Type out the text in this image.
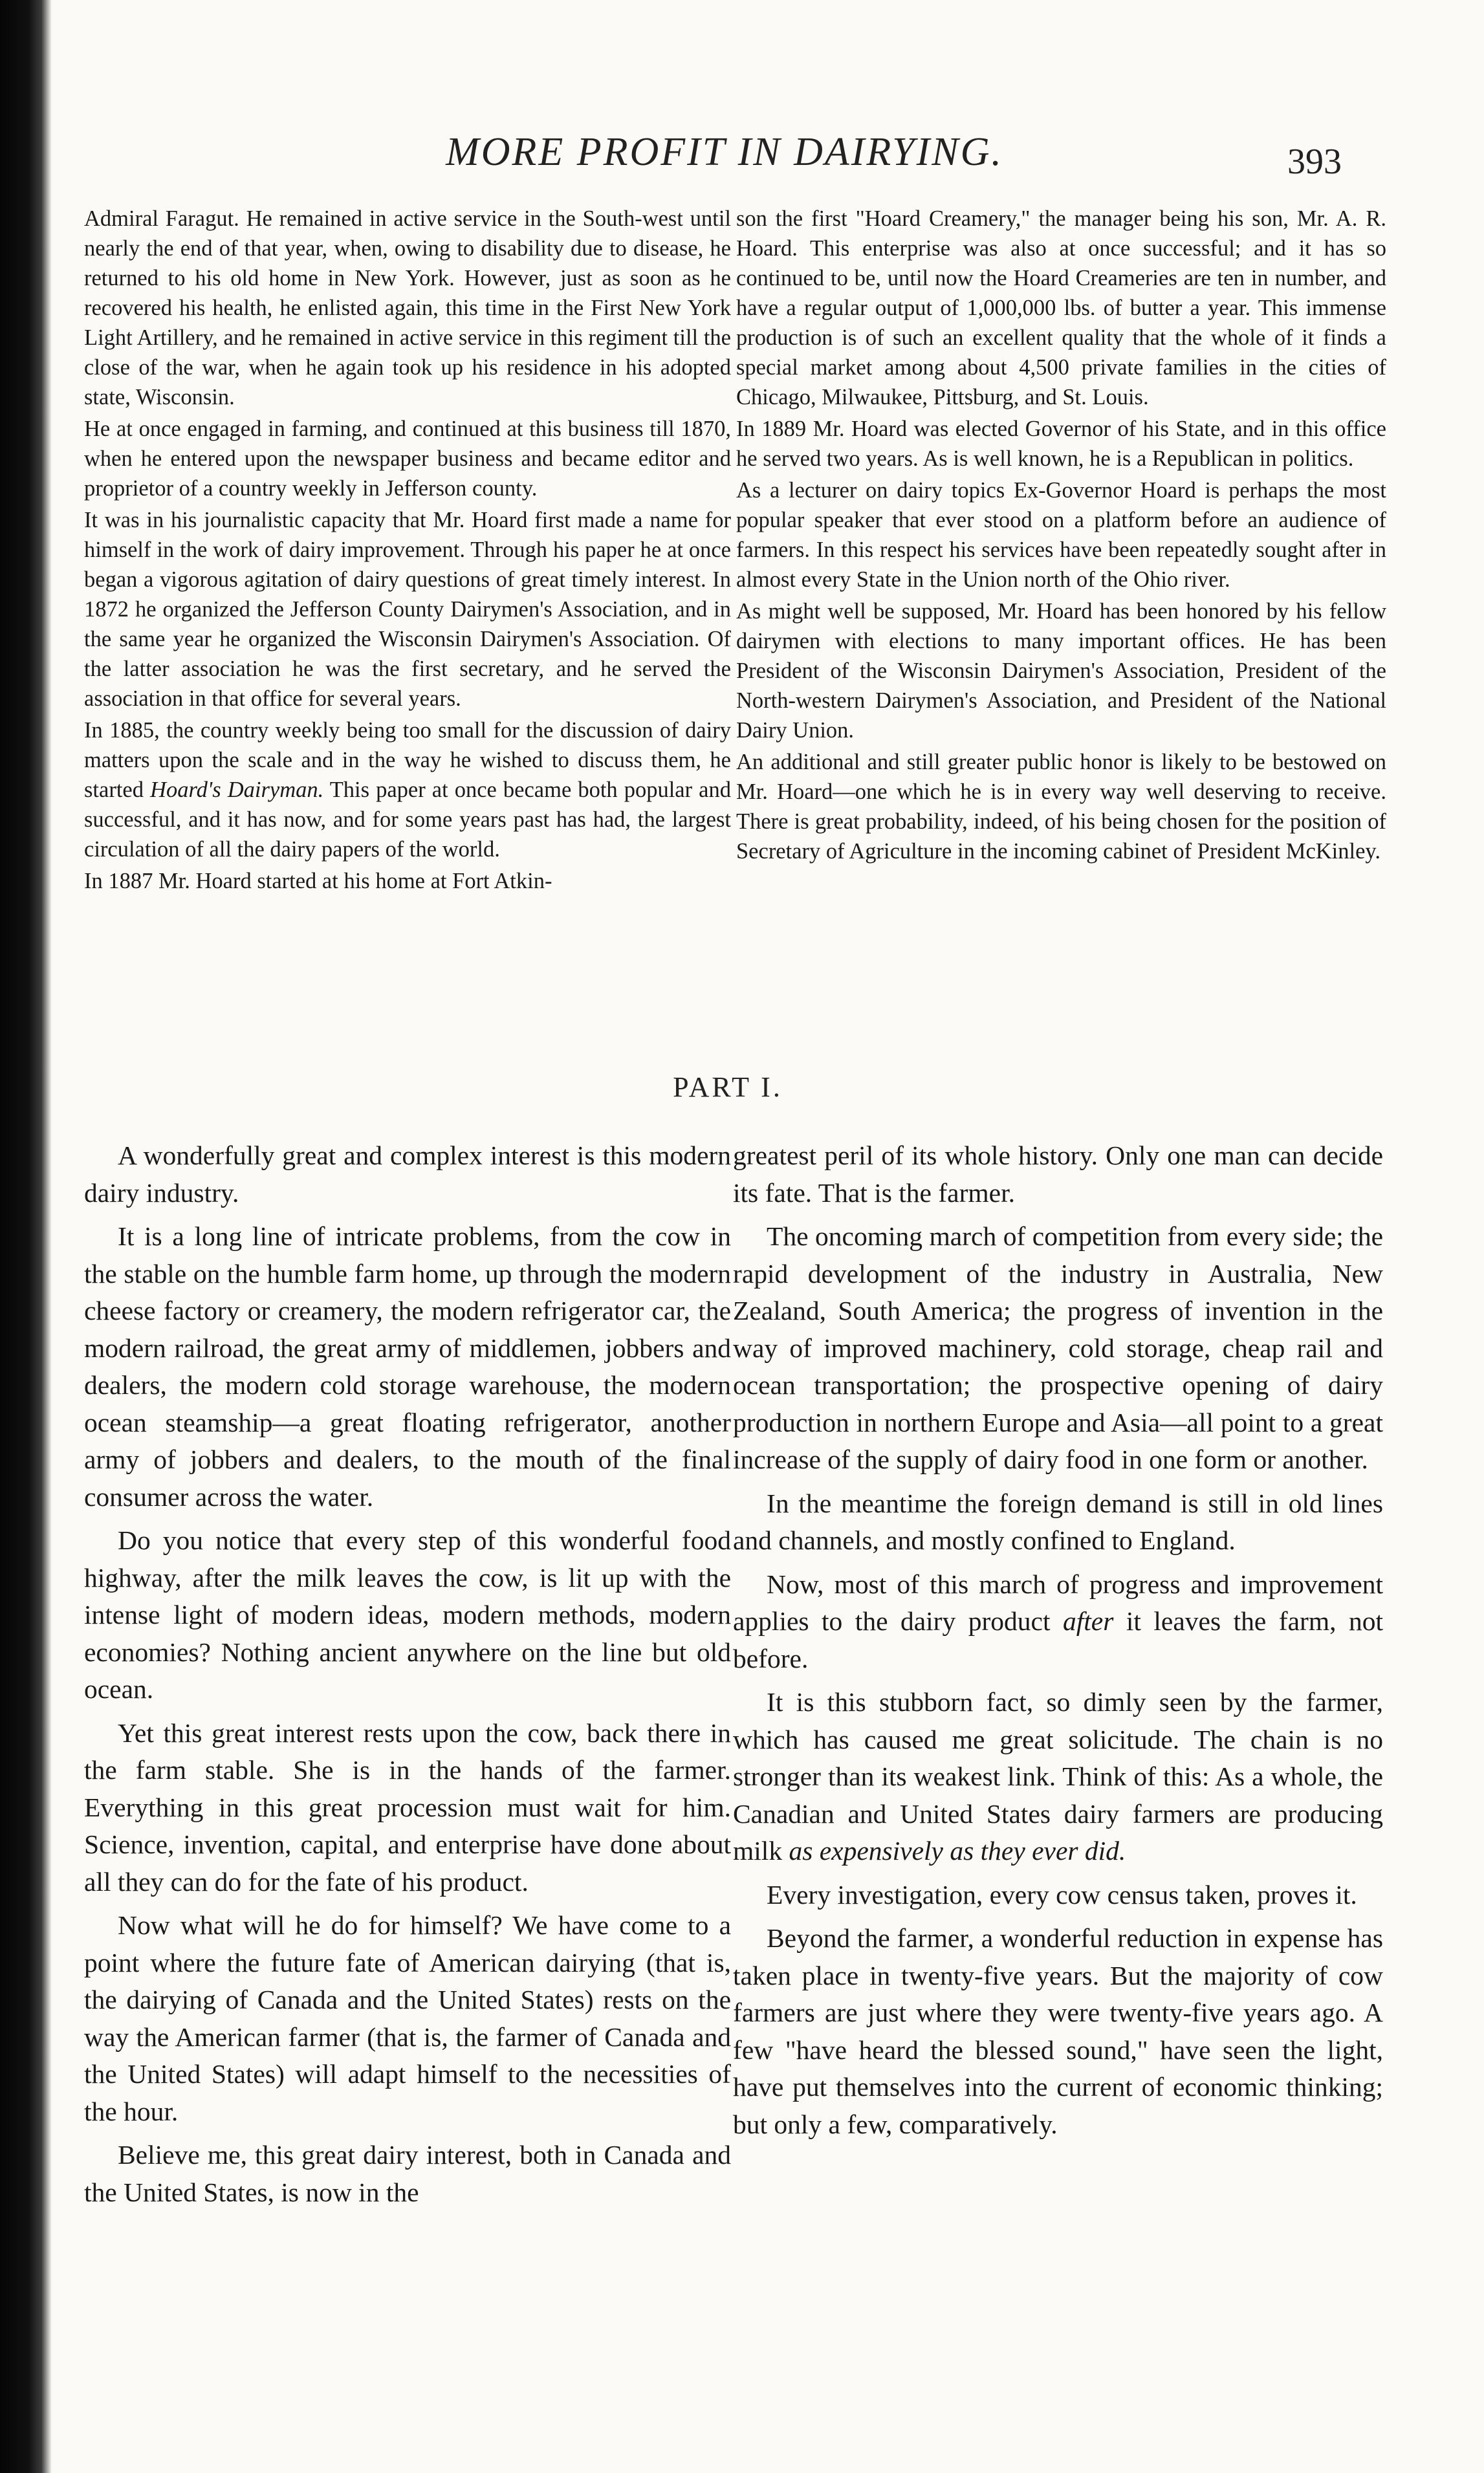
MORE PROFIT IN DAIRYING.	393

Admiral Faragut. He remained in active service in the South-west until nearly the end of that year, when, owing to disability due to disease, he returned to his old home in New York. However, just as soon as he recovered his health, he enlisted again, this time in the First New York Light Artillery, and he remained in active service in this regiment till the close of the war, when he again took up his residence in his adopted state, Wisconsin.

He at once engaged in farming, and continued at this business till 1870, when he entered upon the newspaper business and became editor and proprietor of a country weekly in Jefferson county.

It was in his journalistic capacity that Mr. Hoard first made a name for himself in the work of dairy improvement. Through his paper he at once began a vigorous agitation of dairy questions of great timely interest. In 1872 he organized the Jefferson County Dairymen's Association, and in the same year he organized the Wisconsin Dairymen's Association. Of the latter association he was the first secretary, and he served the association in that office for several years.

In 1885, the country weekly being too small for the discussion of dairy matters upon the scale and in the way he wished to discuss them, he started Hoard's Dairyman. This paper at once became both popular and successful, and it has now, and for some years past has had, the largest circulation of all the dairy papers of the world.

In 1887 Mr. Hoard started at his home at Fort Atkin-

son the first "Hoard Creamery," the manager being his son, Mr. A. R. Hoard. This enterprise was also at once successful; and it has so continued to be, until now the Hoard Creameries are ten in number, and have a regular output of 1,000,000 lbs. of butter a year. This immense production is of such an excellent quality that the whole of it finds a special market among about 4,500 private families in the cities of Chicago, Milwaukee, Pittsburg, and St. Louis.

In 1889 Mr. Hoard was elected Governor of his State, and in this office he served two years. As is well known, he is a Republican in politics.

As a lecturer on dairy topics Ex-Governor Hoard is perhaps the most popular speaker that ever stood on a platform before an audience of farmers. In this respect his services have been repeatedly sought after in almost every State in the Union north of the Ohio river.

As might well be supposed, Mr. Hoard has been honored by his fellow dairymen with elections to many important offices. He has been President of the Wisconsin Dairymen's Association, President of the North-western Dairymen's Association, and President of the National Dairy Union.

An additional and still greater public honor is likely to be bestowed on Mr. Hoard—one which he is in every way well deserving to receive. There is great probability, indeed, of his being chosen for the position of Secretary of Agriculture in the incoming cabinet of President McKinley.

PART I.

A wonderfully great and complex interest is this modern dairy industry.

It is a long line of intricate problems, from the cow in the stable on the humble farm home, up through the modern cheese factory or creamery, the modern refrigerator car, the modern railroad, the great army of middlemen, jobbers and dealers, the modern cold storage warehouse, the modern ocean steamship—a great floating refrigerator, another army of jobbers and dealers, to the mouth of the final consumer across the water.

Do you notice that every step of this wonderful food highway, after the milk leaves the cow, is lit up with the intense light of modern ideas, modern methods, modern economies? Nothing ancient anywhere on the line but old ocean.

Yet this great interest rests upon the cow, back there in the farm stable. She is in the hands of the farmer. Everything in this great procession must wait for him. Science, invention, capital, and enterprise have done about all they can do for the fate of his product.

Now what will he do for himself? We have come to a point where the future fate of American dairying (that is, the dairying of Canada and the United States) rests on the way the American farmer (that is, the farmer of Canada and the United States) will adapt himself to the necessities of the hour.

Believe me, this great dairy interest, both in Canada and the United States, is now in the

greatest peril of its whole history. Only one man can decide its fate. That is the farmer.

The oncoming march of competition from every side; the rapid development of the industry in Australia, New Zealand, South America; the progress of invention in the way of improved machinery, cold storage, cheap rail and ocean transportation; the prospective opening of dairy production in northern Europe and Asia—all point to a great increase of the supply of dairy food in one form or another.

In the meantime the foreign demand is still in old lines and channels, and mostly confined to England.

Now, most of this march of progress and improvement applies to the dairy product after it leaves the farm, not before.

It is this stubborn fact, so dimly seen by the farmer, which has caused me great solicitude. The chain is no stronger than its weakest link. Think of this: As a whole, the Canadian and United States dairy farmers are producing milk as expensively as they ever did.

Every investigation, every cow census taken, proves it.

Beyond the farmer, a wonderful reduction in expense has taken place in twenty-five years. But the majority of cow farmers are just where they were twenty-five years ago. A few "have heard the blessed sound," have seen the light, have put themselves into the current of economic thinking; but only a few, comparatively.
